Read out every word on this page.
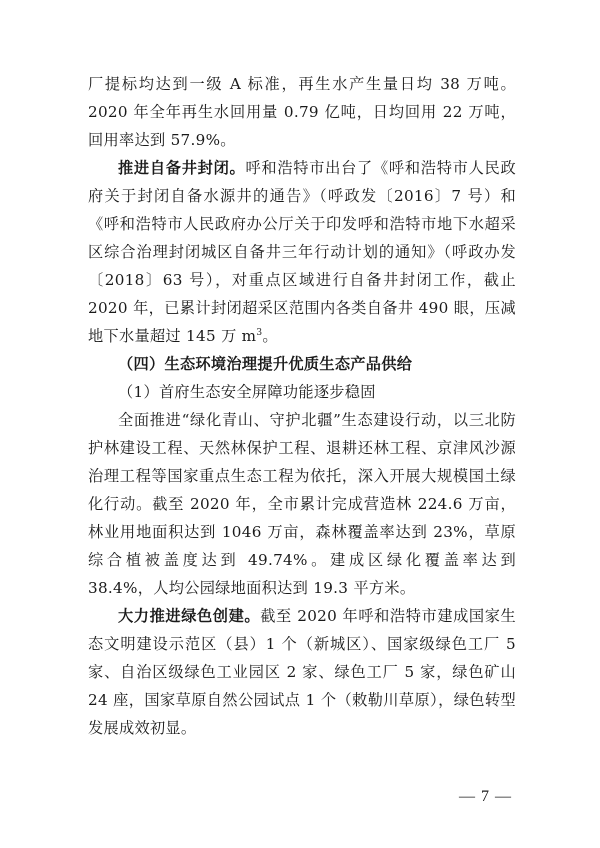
厂提标均达到一级 A 标准，再生水产生量日均 38 万吨。2020 年全年再生水回用量 0.79 亿吨，日均回用 22 万吨，回用率达到 57.9%。

推进自备井封闭。呼和浩特市出台了《呼和浩特市人民政府关于封闭自备水源井的通告》（呼政发〔2016〕7 号）和《呼和浩特市人民政府办公厅关于印发呼和浩特市地下水超采区综合治理封闭城区自备井三年行动计划的通知》（呼政办发〔2018〕63 号），对重点区域进行自备井封闭工作，截止 2020 年，已累计封闭超采区范围内各类自备井 490 眼，压减地下水量超过 145 万 $m^3$。

（四）生态环境治理提升优质生态产品供给

（1）首府生态安全屏障功能逐步稳固

全面推进“绿化青山、守护北疆”生态建设行动，以三北防护林建设工程、天然林保护工程、退耕还林工程、京津风沙源治理工程等国家重点生态工程为依托，深入开展大规模国土绿化行动。截至 2020 年，全市累计完成营造林 224.6 万亩，林业用地面积达到 1046 万亩，森林覆盖率达到 23%，草原综合植被盖度达到 49.74%。建成区绿化覆盖率达到 38.4%，人均公园绿地面积达到 19.3 平方米。

大力推进绿色创建。截至 2020 年呼和浩特市建成国家生态文明建设示范区（县）1 个（新城区）、国家级绿色工厂 5 家、自治区级绿色工业园区 2 家、绿色工厂 5 家，绿色矿山 24 座，国家草原自然公园试点 1 个（敕勒川草原），绿色转型发展成效初显。

— 7 —
